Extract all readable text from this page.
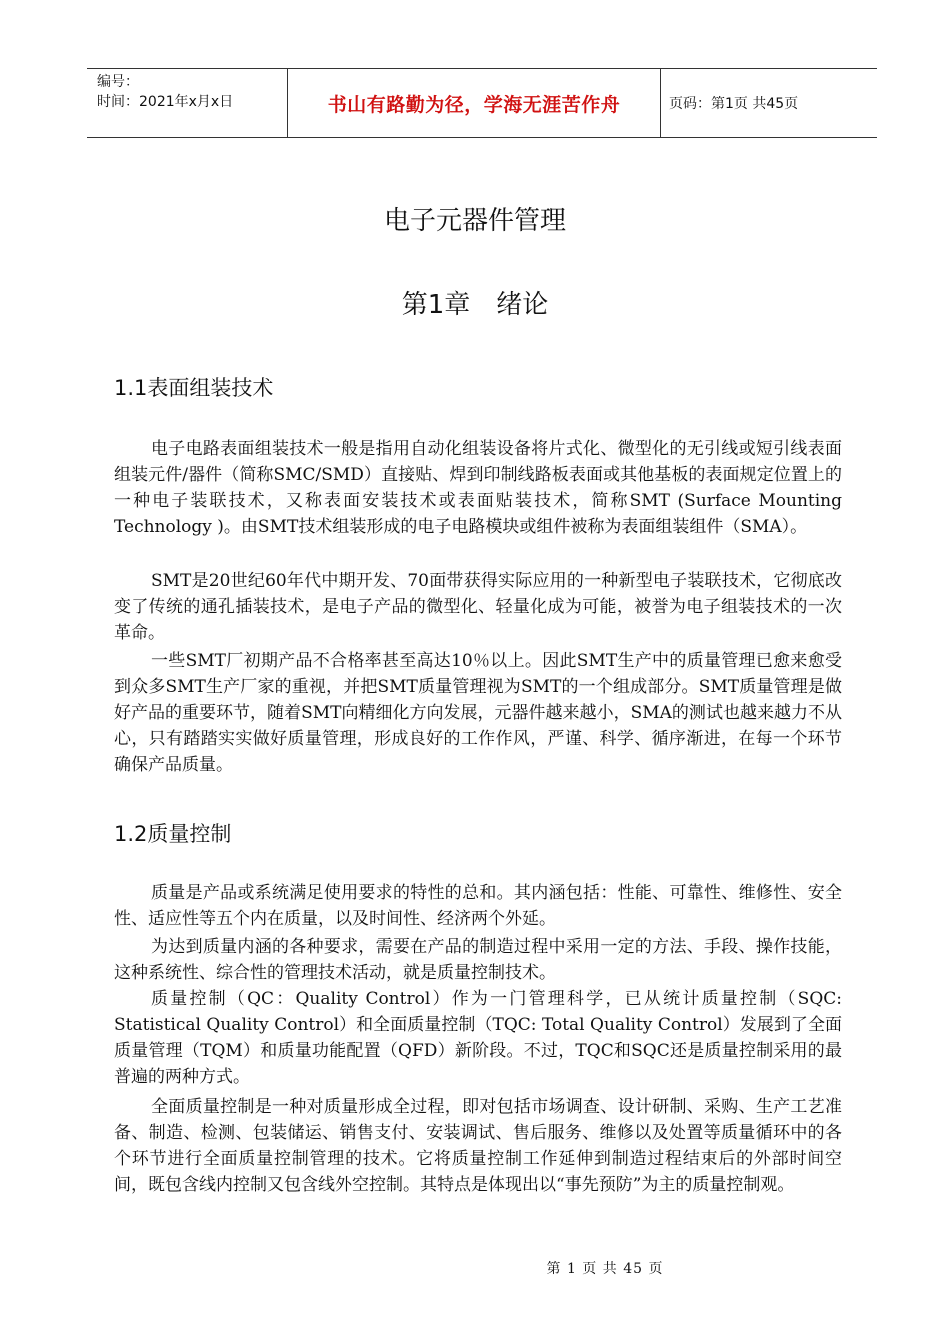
编号：
时间：2021年x月x日	书山有路勤为径，学海无涯苦作舟	页码：第1页 共45页
电子元器件管理
第1章　绪论
1.1表面组装技术

电子电路表面组装技术一般是指用自动化组装设备将片式化、微型化的无引线或短引线表面组装元件/器件（简称SMC/SMD）直接贴、焊到印制线路板表面或其他基板的表面规定位置上的一种电子装联技术，又称表面安装技术或表面贴装技术，简称SMT (Surface Mounting Technology )。由SMT技术组装形成的电子电路模块或组件被称为表面组装组件（SMA）。

SMT是20世纪60年代中期开发、70面带获得实际应用的一种新型电子装联技术，它彻底改变了传统的通孔插装技术，是电子产品的微型化、轻量化成为可能，被誉为电子组装技术的一次革命。

一些SMT厂初期产品不合格率甚至高达10％以上。因此SMT生产中的质量管理已愈来愈受到众多SMT生产厂家的重视，并把SMT质量管理视为SMT的一个组成部分。SMT质量管理是做好产品的重要环节，随着SMT向精细化方向发展，元器件越来越小，SMA的测试也越来越力不从心，只有踏踏实实做好质量管理，形成良好的工作作风，严谨、科学、循序渐进，在每一个环节确保产品质量。

1.2质量控制

质量是产品或系统满足使用要求的特性的总和。其内涵包括：性能、可靠性、维修性、安全性、适应性等五个内在质量，以及时间性、经济两个外延。

为达到质量内涵的各种要求，需要在产品的制造过程中采用一定的方法、手段、操作技能，这种系统性、综合性的管理技术活动，就是质量控制技术。

质量控制（QC：Quality Control）作为一门管理科学，已从统计质量控制（SQC: Statistical Quality Control）和全面质量控制（TQC: Total Quality Control）发展到了全面质量管理（TQM）和质量功能配置（QFD）新阶段。不过，TQC和SQC还是质量控制采用的最普遍的两种方式。

全面质量控制是一种对质量形成全过程，即对包括市场调查、设计研制、采购、生产工艺准备、制造、检测、包装储运、销售支付、安装调试、售后服务、维修以及处置等质量循环中的各个环节进行全面质量控制管理的技术。它将质量控制工作延伸到制造过程结束后的外部时间空间，既包含线内控制又包含线外空控制。其特点是体现出以“事先预防”为主的质量控制观。

第 1 页 共 45 页
